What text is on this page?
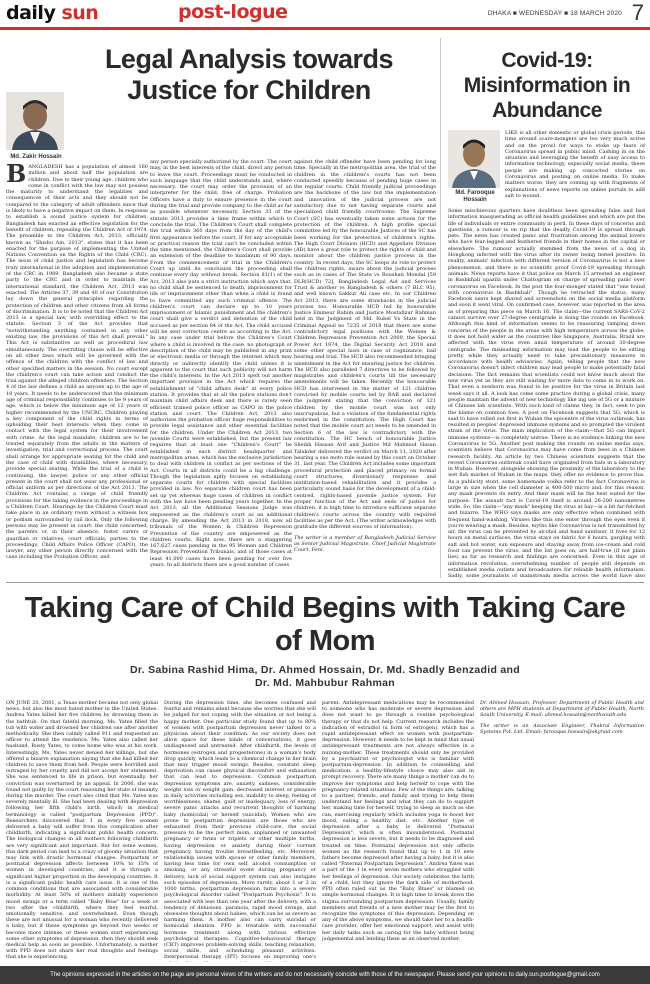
daily sun	post-logue	DHAKA ■ WEDNESDAY ■ 18 MARCH 2020 7
Legal Analysis towards Justice for Children
Md. Zakir Hossain
B ANGLADESH has a population of almost 160 million and about half the population are children. Due to their young age, children who come in conflict with the law may not possess the maturity to understand the legalities and consequences of their acts and they should not be compared to the category of adult offenders since that is likely to have a negative impact on them. In response to establish a sound justice system for children, Bangladesh has enacted an effective legislation for the benefit of children, repealing the Children Act of 1974. The preamble to the Children Act, 2013, officially known as "Shishu Ain, 2013", states that it has been enacted for the purpose of implementing the United Nations Convention on the Rights of the Child (CRC). The issue of child justice and legislation has become truly international in the adoption and implementation of the CRC in 1989. Bangladesh also became a state party to the CRC and in order to maintain the international standard, the Children Act, 2013 was enacted. The Articles 37, 39 and 40 of our Constitution lay down the general principles regarding the protection of children and other citizens from all forms of discrimination. It is to be noted that the Children Act 2013 is a special law, with overriding effect to the statute. Section 3 of the Act provides that "notwithstanding anything contained in any other existing law, the provisions of this Act shall prevail." This Act is substantive as well as procedural law simultaneously. The overriding clause will be effective on all other laws which will be governed with the offence of the children with the conflict of law and other specified matters in the session. No court except the children's court can take action and conduct the trial against the alleged children offenders. The Section 4 of the law defines a child as anyone up to the age of 18 years. It needs to be underscored that the minimum age of criminal responsibility continues to be 9 years of age, which is below the minimum age of 12 years or higher recommended by the UNCRC. Children playing a key component of the child rights in terms of upholding their best interests when they come in contact with the legal system for their involvement with crime. As the legal mandate, children are to be treated separately from the adults in the matters of investigation, trial and correctional process. The court shall arrange for appropriate seating for the child and the case of child with disabilities, where necessary, provide special seating. While the trial of a child is continuing, the lawyer, police or any other official present in the court shall not wear any professional or official uniform as per directions of the Act 2013. The Children Act contains a range of child friendly provisions for the taking evidence in the proceedings in a Children Court. Hearings by the Children Court must take place in an ordinary room without a witness box or podium surrounded by rail dock. Only the following persons may be present in court: the child concerned, the parents or, in their absence, foster carers or guardian or relatives, court officials, parties to the proceedings, Child Affairs Police Officer (CAPO), the lawyer, any other person directly concerned with the case including the Probation Officer, and
any person specially authorized by the court. The court may, in the best interests of the child, direct any person to leave the court. Proceedings must be conducted in such language that the child understands and, where necessary, the court may order the provision of an interpreter for the child, free of charge. Probation Officers have a duty to ensure presence in the court during the trial and provide company to the child as far as possible whenever necessary. Section 33 of the statute 2013 provides a time frame within which to conclude the trial. The Children's Court shall complete the trial within 360 days from the day of the child's first appearance before the court. If for any acceptable or practical reason the trial can't be concluded within the time mentioned, the Children's Court shall provide an extension of the deadline to maximum of 90 days. From the commencement of trial in the Children's Court up until its conclusion the proceeding shall continue every day without break. Section 81(1) of the Act, 2013 also puts a strict instruction which says that, no child shall be sentenced to death, imprisonment for life or imprisonment other than when a child is found to have committed any such criminal offence. The children's court can declare up to 10 years imprisonment or Islamic punishment and the children's court shall give a verdict and detention of the child accused as per section 84 of the Act. The child accused will be sent correction centre as according to the Act. In any case under trial before the Children's Court where a child is involved in the case, no photograph or description of the child may be published in any print or electronic media or through the internet which may directly or indirectly identify the child unless it is apparent to the court that such publicity will not harm the child's interests. In the Act 2013 spelt out another important provision in the Act which requires the establishment of "child affairs desk" at every police station. It provides that at all the police stations don't maintain child affairs desk and there is rarely seen efficient trained police officer as CAPO in the police station and court. The Children Act, 2013 also authorizes the probation officer huge responsibilities to provide legal assistance and other essential facilities for the children. Under the Children Act 2013, two juvenile Courts were established, but the present law requires that at least one "Children's Court" be established in each district headquarter and metropolitan areas, which has the exclusive jurisdiction to deal with children in conflict as per sections of the Act. Courts in all districts could be a big challenge. Though the legislation aptly focuses on establishing separate courts for children with special facilities provided in law. No separate children court has been set up yet whereas huge cases of children in conflict with the law have been pending years together. In the Act 2013, all the Additional Sessions Judge was empowered as the children's court as an additional charge. By amending the Act 2013 in 2018, now all tribunals of the Women & Children Repression Prevention of the country are empowered as the children courts. Right now, there are a staggering 167,627 cases pending in the 95 Women and Children Repression Prevention Tribunals, and of those cases at least 41,000 cases have been pending for over five years. In all districts there are a good number of cases
against the child offender have been pending for long time. Specially in the metropolitan area, the trial of the children in the children's courts has not been conducted speedily because of pending huge cases in the regular courts. Child friendly judicial proceedings are the backbone of the law but the implementation and innovation of the judicial process are not satisfactory due to not having separate courts and specialized child friendly courtrooms. The Supreme Court (SC) has eventually taken some actions for the protection of the children. A high profile special committee led by the honourable Justices of the SC has been working for the protection of children's rights. The High Court Division (HCD) and Appellate Division (AD) have a great role to protect the rights of child and monitor about the children justice process in the country. In recent days, the SC keeps its role to protect the children rights, aware about the judicial process such as in cases of The State vs Roushan Mondal [59 DLR(HCD) 72], Bangladesh Legal Aid and Services Trust & another vs Bangladesh & others (7 BLC 95), and well known Sakkur Ali case etc. In our Children Act 2013, there are some drawbacks in the judicial process too. Honourable HCD led by honourable Justice Emmeur Rahim and Justice Mostafizur Rahman held in the Judgment of Md. Rubel Vs State in the Criminal Appeal no 7235 of 2018 that there are some contradictory legal positions with the Women & Children Repression Prevention Act 2000, the Special Power Act 1974, the Digital Security Act 2018 and some other special laws in case of cognizance, bail hearing and trial. The HCD also recommended bringing amendment in the Act for ensuring justice for children. The HCD also paralleled 7 directives to be followed by magistrates and children's courts till the necessary amendments will be taken. Recently the honourable HCD has intervened in the matter of 121 children convicted by mobile courts led by RAB and declared the judgment stating that the conviction of 121 children by the mobile court was not only unscrupulous, but a violation of the fundamental rights enshrined in the constitution. The High Court has noted that the mobile court act needs to be amended in Section 6 of the law is contradictory with the constitution. The HC bench of honourable Justice Sheikh Hassan Arif and Justice Md Mahmud Hasan Talukder delivered the verdict on March 11, 2020 after hearing a suo moto rule issued by this court on October 31, last year. The Children Act includes some important procedural protection and placed primacy on formal court structures, diversionary responses and institution-based rehabilitation and it provides a particularly sound basis for the development of a child-centred, rights-based juvenile justice system. For proper function of the Act and ends of justice for children, it is high time to introduce sufficient separate children's courts across the country with required facilities as per the Act. (The writer acknowledges with gratitude the different sources of information).
The writer is a member of Bangladesh Judicial Service as Senior Judicial Magistrate, Chief Judicial Magistrate Court, Feni.
Covid-19: Misinformation in Abundance
Md. Farooque Hossain
LIKE is all other domestic or global crisis periods, this time around scare-mongers are too very much active and on the prowl for ways to stoke up fears of Coronavirus spread in public mind. Cashing in on the situation and leveraging the benefit of easy access to information technology, especially social media, these people are making up concocted stories on Coronavirus and posting on online media. To make matters worse, they are coming up with fragments of explanations of news reports on online portals to add salt to wound.
Some mischievous quarters have doubtless been spreading false and bad information masquerading as official health guidelines and which are put the life of individuals or entire community in peril. In these days of concerns and questions, a rumour is on rip that the deadly Covid-19 is spread through pets. The news has created panic and frustration among the animal lovers who have four-legged and feathered friends in their homes in the capital or elsewhere. The rumour actually stemmed from the news of a dog in Hongkong infected with the virus after its owner being tested positive. In reality, animals' infection with different version of Coronavirus is not a new phenomenon, and there is no scientific proof Covid-19 spreading through animals. News reports have it that police on March 15 arrested an engineer in Bashkhali upazila under Chattogram on charge of spreading panic over coronavirus on Facebook. In the post the four-monger stated that "one found with coronavirus in Bashkhali". Though he retracted the status, many Facebook users kept shared and screenshots on the social media platform and soon it went viral. On confirmed case, however, was reported in the area as of preparing this piece on March 16. The claim—the current SARS-CoV-2 cannot survive over 27-degree centigrade is doing the rounds on Facebook. Although this kind of information seems to be reassuring tamping down concerns of the people in the areas with high temperature across the globe, it does not hold water as the countries like Singapore, Australia, Brazil are affected with the virus even amid temperature of around 30-degree centigrade. The misleading information may lead the people to be sitting pretty while they actually need to take precautionary measures in accordance with health advisories. Again, telling people that the new Coronavirus doesn't infect children may lead people to make potentially fatal decisions. The fact remains that scientists could not know much about the new virus yet as they are still waiting for more data to come in to work on. That even a newborn was found to be positive for the virus in Britain last week says it all. A look has come some practice during a global crisis, many people maintain the advent of new technology like ing use of 5G or a mixture of Chinese lab scientists. With such kind of claims they, in fact, seek to pin the blame on common foes. A post on Facebook suggests that 5G, which is said to have rolled out first in Wuhan the epicentre of the virus outbreak, has resulted in peoples' depressed immune systems and so prompted the virulent strain of the virus. The main implication of the claim—that 5G can impact immune systems—is completely untrue. There is no evidence linking the new Coronavirus to 5G. Another post making the rounds on online media says, scientists believe that Coronavirus may have come from bees in a Chinese research facility. An article by two Chinese scientists suggests that the recent Coronavirus outbreak could have originated from bats in a laboratory in Wuhan. However, alongside showing the proximity of the laboratory to the wet fish market of Wuhan in the maps, they offer no evidence to prove this. As a publicity stunt, some homemade vodka refer to the fact Coronavirus is large in size when the cell diameter is 400-500 micro and, for this reason, any mask prevents its entry. And their mask will be the best suited for the purpose. The assault fact is Covid-19 itself is around 26-200 nanometres wide. So, the claim—"any mask" keeping the virus at bay—is a bit far-fetched and bizarre. The WHO says masks are only effective when combined with frequent hand-washing. Viruses like this one enter through the eyes even if you're wearing a mask. Besides, myths like Coronavirus is not transmitted by air, the virus can be prevented by alcohol and hand sanitiser, it lives for 12 hours on metal surfaces, the virus stays on fabric for 6 hours, gargling with salt and hot water, sun exposure and staying away from ice-cream and cold food can prevent the virus, and the list goes on, are half-true (if not plain lies) as far as research and findings are concerned. Even in this age of information revolution, overwhelming number of people still depends on established media outlets and broadcasters for reliable health information. Sadly, some journalists of mainstream media across the world have also
Taking Care of Child Begins with Taking Care of Mom
Dr. Sabina Rashid Hima, Dr. Ahmed Hossain, Dr. Md. Shadly Benzadid and
Dr. Md. Mahbubur Rahman
ON JUNE 20, 2001, a Texas mother became not only global news, but also the most hated mother in the United States. Andrea Yates killed her five children by drowning them in the bathtub. On that fateful morning, Ms. Yates filled the tub with water and drowned her children one after another methodically. She then calmly called 911 and requested an officer to attend the residence. Ms. Yates also called her husband, Rusty Yates, to come home who was at his work. Interestingly, Ms. Yates never denied her killings, but she offered a bizarre explanation saying that she had killed her children to save them from hell. People were horrified and outraged by her cruelty and did not accept her statement. She was sentenced to life in prison, but eventually, her conviction was overturned by an appeal. In 2006, she was found not guilty by the court reasoning her state of insanity during the murder. The court also cited that Ms. Yates was severely mentally ill. She had been dealing with depression following her fifth child's birth, which in medical terminology is called "postpartum Depression (PPD)". Researchers discovered that 1 in every five women delivered a baby will suffer from this complication after childbirth, indicating a significant public health concern. The biological changes in all mothers following childbirth are very significant and important. But for some women, this dark period can lead to a crazy of gloomy situation that may link with drastic hormonal changes. Postpartum or postnatal depression affects between 10% to 15% of women in developed countries, and it is through a significant higher proportion in the developing countries. It is a significant public health care issue. It is one of the common conditions that are associated with considerable morbidity. At least 50% of mothers initially experience mood swings or a term called "Baby Blue" for a week or two after the childbirth, where they feel tearful, emotionally sensitive, and overwhelmed. Even though these are not unusual for a woman who recently delivered a baby, but if these symptoms go beyond two weeks or become more intense, or these women start experiencing some other symptoms of depression, then they should seek medical help as soon as possible. Unfortunately, a mother with PPD does not share her real thoughts and feelings that she is experiencing.
During the depression time, she becomes confused and fearful and remains silent because she worries that she will be judged for not coping with the situation or not being a happy mother. One particular study found that up to 80% of women with postpartum depression never talked to a physician about their condition. As our society does not allow space for these kinds of conversations, it goes undiagnosed and untreated. After childbirth, the levels of hormones (estrogen and progesterone) in a woman's body drop quickly, which leads to a chemical change in her brain that may trigger mood swings. Besides, constant sleep deprivation can cause physical discomfort and exhaustion that can lead to depression. Common postpartum depression symptoms are, anxiety, sadness, considerable weight loss or weight gain, decreased interest or pleasure in daily activities including sex, inability to sleep, feeling of worthlessness, shame, guilt or inadequacy, loss of energy, severe panic attacks and recurrent thoughts of harming baby (homicidal) or herself (suicidal). Women who are prone to postpartum depression are those who are exhausted from their previous child-care, the social pressure to be the perfect mom, unplanned or unwanted pregnancy or twins or triplets or other multiple births, having depression or anxiety during their current pregnancy, having trouble breastfeeding, etc. Moreover, relationship issues with spouse or other family members, having less time for own self, alcohol consumption or smoking, or any stressful event during pregnancy or delivery, lack of social support system can also instigate such episodes of depression. More rarely, about 1 or 2 in 1000 births, postpartum depression turns into a severe psychological disorder called "Postpartum Psychosis". It is associated with less than one year after the delivery, with a tendency of delusions, paranoia, rapid mood swings, and obsessive thoughts about babies, which can be as severe as harming them. A mother also can carry suicidal or homicidal ideation. PPD is treatable with successful hormone treatment along with various effective psychological therapies. Cognitive-behavioural therapy (CBT) improves problem-solving skills, teaching relaxation, social skills, and scheduling pleasant activities. Interpersonal therapy (IPT) focuses on improving one's
parent. Antidepressant medications may be recommended to someone who has moderate or severe depression and does not want to go through a routine psychological therapy or that do not help. Current research includes the indication of estradiol (a form of estrogen), which has a rapid antidepressant effect on women with postpartum-depression. However, it needs to be kept in mind that usual antidepressant treatments are not always effective in a nursing-mother. These treatments should only be provided by a psychiatrist or psychologist who is familiar with postpartum-depression. In addition to counselling and medication, a healthy-lifestyle choice may also aid in prompt recovery. There are many things a mother can do to improve her symptoms and help herself to cope with the pregnancy-related situations. Few of the things are: talking to a partner, friends, and family and trying to help them understand her feelings and what they can do to support her, making time for herself, trying to sleep as much as she can, exercising regularly which includes yoga to boost her mood, eating a healthy diet, etc. Another type of depression after a baby is delivered "Postnatal Depression", which is often misunderstood. Postnatal depression is less severe, but it needs to be diagnosed and treated on time. Postnatal depression not only affects women as the research found that up to 1 in 10 new fathers become depressed after having a baby, but it is also called "Paternal Postpartum Depression". Andrea Yates was a part of the 1 in every seven mothers who struggled with her feelings of depression. Our society celebrates the birth of a child, but they ignore the dark side of motherhood. PPD often ruled out as the "Baby Blues" or blamed on simple hormonal changes. It is high time to break down the stigma surrounding postpartum depression. Usually, family members and friends of a new mother may be the first to recognize the symptoms of this depression. Depending on any of the above symptoms, we should take her to a health-care provider, offer her emotional support, and assist with her daily tasks such as caring for the baby without being judgemental and lending them as an observed mother.
Dr. Ahmed Hossain, Professor, Department of Public Health and others are MPH students at Department of Public Health, North South University. E-mail: ahmed.hossain@northsouth.edu
The writer is an Associate Engineer, Thakral Information Systems Pvt. Ltd. Email: farooque.hossain@skyraid.com
The opinions expressed in the articles on the page are personal views of the writers and do not necessarily coincide with those of the newspaper. Please send your opinions to daily.sun.postlogue@gmail.com
